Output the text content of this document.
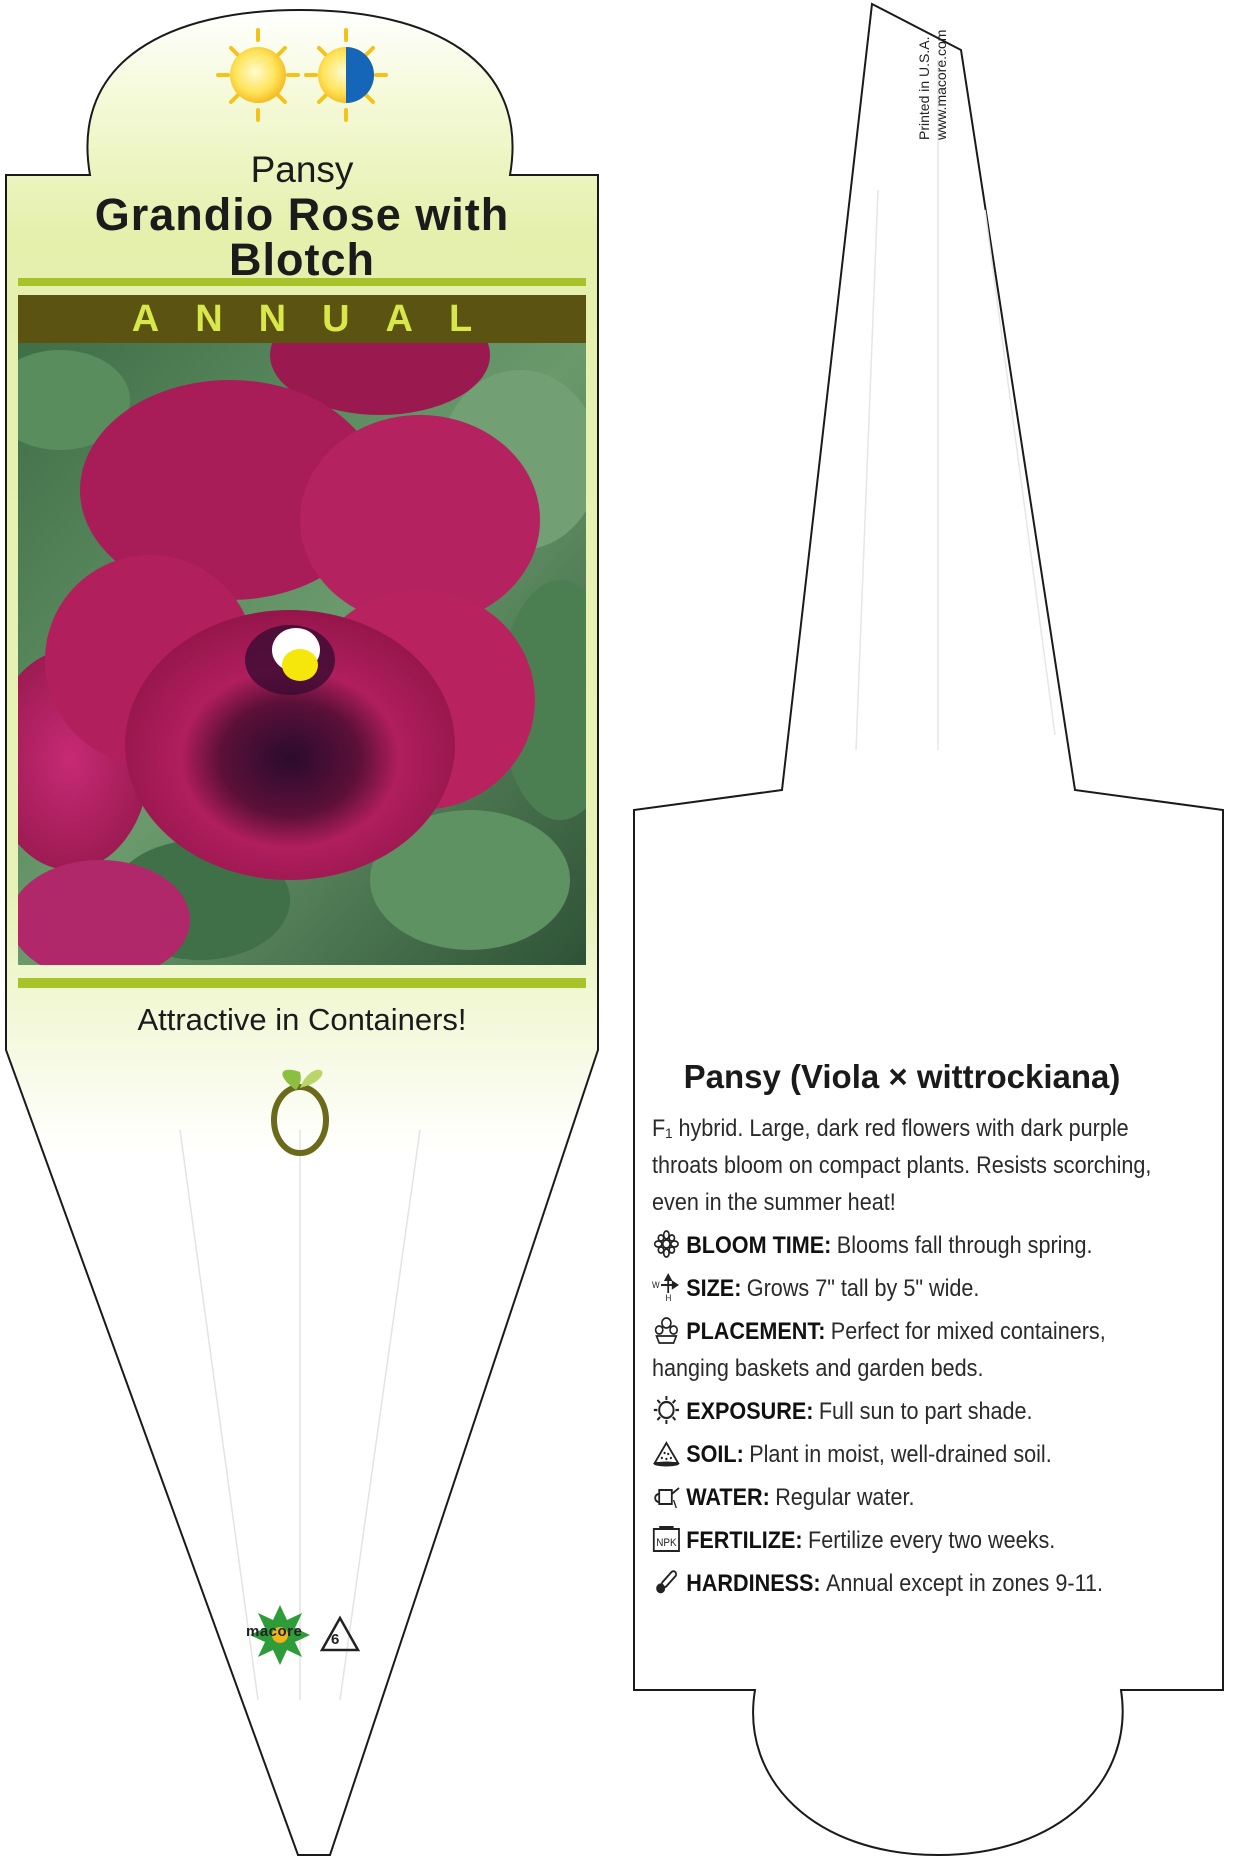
Pansy
Grandio Rose with Blotch
ANNUAL
Attractive in Containers!
macore 6
Printed in U.S.A. www.macore.com
Pansy (Viola × wittrockiana)
F₁ hybrid. Large, dark red flowers with dark purple throats bloom on compact plants. Resists scorching, even in the summer heat!
BLOOM TIME: Blooms fall through spring.
W
H SIZE: Grows 7" tall by 5" wide.
PLACEMENT: Perfect for mixed containers, hanging baskets and garden beds.
EXPOSURE: Full sun to part shade.
SOIL: Plant in moist, well-drained soil.
WATER: Regular water.
NPK FERTILIZE: Fertilize every two weeks.
HARDINESS: Annual except in zones 9-11.
